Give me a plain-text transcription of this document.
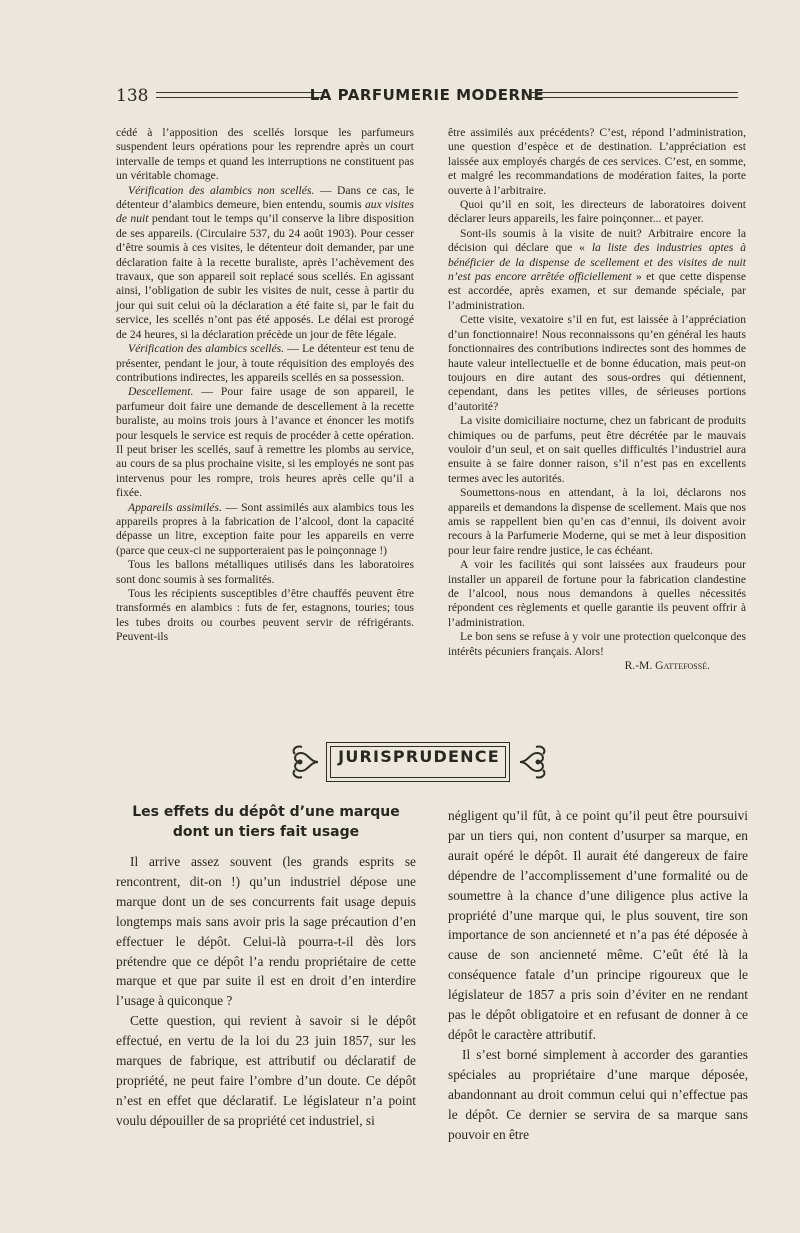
138	LA PARFUMERIE MODERNE

cédé à l’apposition des scellés lorsque les parfumeurs suspendent leurs opérations pour les reprendre après un court intervalle de temps et quand les interruptions ne constituent pas un véritable chomage.

Vérification des alambics non scellés. — Dans ce cas, le détenteur d’alambics demeure, bien entendu, soumis aux visites de nuit pendant tout le temps qu’il conserve la libre disposition de ses appareils. (Circulaire 537, du 24 août 1903). Pour cesser d’être soumis à ces visites, le détenteur doit demander, par une déclaration faite à la recette buraliste, après l’achèvement des travaux, que son appareil soit replacé sous scellés. En agissant ainsi, l’obligation de subir les visites de nuit, cesse à partir du jour qui suit celui où la déclaration a été faite si, par le fait du service, les scellés n’ont pas été apposés. Le délai est prorogé de 24 heures, si la déclaration précède un jour de fête légale.

Vérification des alambics scellés. — Le détenteur est tenu de présenter, pendant le jour, à toute réquisition des employés des contributions indirectes, les appareils scellés en sa possession.

Descellement. — Pour faire usage de son appareil, le parfumeur doit faire une demande de descellement à la recette buraliste, au moins trois jours à l’avance et énoncer les motifs pour lesquels le service est requis de procéder à cette opération. Il peut briser les scellés, sauf à remettre les plombs au service, au cours de sa plus prochaine visite, si les employés ne sont pas intervenus pour les rompre, trois heures après celle qu’il a fixée.

Appareils assimilés. — Sont assimilés aux alambics tous les appareils propres à la fabrication de l’alcool, dont la capacité dépasse un litre, exception faite pour les appareils en verre (parce que ceux-ci ne supporteraient pas le poinçonnage !)

Tous les ballons métalliques utilisés dans les laboratoires sont donc soumis à ses formalités.

Tous les récipients susceptibles d’être chauffés peuvent être transformés en alambics : futs de fer, estagnons, touries; tous les tubes droits ou courbes peuvent servir de réfrigérants. Peuvent-ils

être assimilés aux précédents? C’est, répond l’administration, une question d’espèce et de destination. L’appréciation est laissée aux employés chargés de ces services. C’est, en somme, et malgré les recommandations de modération faites, la porte ouverte à l’arbitraire.

Quoi qu’il en soit, les directeurs de laboratoires doivent déclarer leurs appareils, les faire poinçonner... et payer.

Sont-ils soumis à la visite de nuit? Arbitraire encore la décision qui déclare que « la liste des industries aptes à bénéficier de la dispense de scellement et des visites de nuit n’est pas encore arrêtée officiellement » et que cette dispense est accordée, après examen, et sur demande spéciale, par l’administration.

Cette visite, vexatoire s’il en fut, est laissée à l’appréciation d’un fonctionnaire! Nous reconnaissons qu’en général les hauts fonctionnaires des contributions indirectes sont des hommes de haute valeur intellectuelle et de bonne éducation, mais peut-on toujours en dire autant des sous-ordres qui détiennent, cependant, dans les petites villes, de sérieuses portions d’autorité?

La visite domiciliaire nocturne, chez un fabricant de produits chimiques ou de parfums, peut être décrétée par le mauvais vouloir d’un seul, et on sait quelles difficultés l’industriel aura ensuite à se faire donner raison, s’il n’est pas en excellents termes avec les autorités.

Soumettons-nous en attendant, à la loi, déclarons nos appareils et demandons la dispense de scellement. Mais que nos amis se rappellent bien qu’en cas d’ennui, ils doivent avoir recours à la Parfumerie Moderne, qui se met à leur disposition pour leur faire rendre justice, le cas échéant.

A voir les facilités qui sont laissées aux fraudeurs pour installer un appareil de fortune pour la fabrication clandestine de l’alcool, nous nous demandons à quelles nécessités répondent ces règlements et quelle garantie ils peuvent offrir à l’administration.

Le bon sens se refuse à y voir une protection quelconque des intérêts pécuniers français. Alors!

R.-M. Gattefossé.

JURISPRUDENCE
Les effets du dépôt d’une marque
dont un tiers fait usage

Il arrive assez souvent (les grands esprits se rencontrent, dit-on !) qu’un industriel dépose une marque dont un de ses concurrents fait usage depuis longtemps mais sans avoir pris la sage précaution d’en effectuer le dépôt. Celui-là pourra-t-il dès lors prétendre que ce dépôt l’a rendu propriétaire de cette marque et que par suite il est en droit d’en interdire l’usage à quiconque ?

Cette question, qui revient à savoir si le dépôt effectué, en vertu de la loi du 23 juin 1857, sur les marques de fabrique, est attributif ou déclaratif de propriété, ne peut faire l’ombre d’un doute. Ce dépôt n’est en effet que déclaratif. Le législateur n’a point voulu dépouiller de sa propriété cet industriel, si

négligent qu’il fût, à ce point qu’il peut être poursuivi par un tiers qui, non content d’usurper sa marque, en aurait opéré le dépôt. Il aurait été dangereux de faire dépendre de l’accomplissement d’une formalité ou de soumettre à la chance d’une diligence plus active la propriété d’une marque qui, le plus souvent, tire son importance de son ancienneté et n’a pas été déposée à cause de son ancienneté même. C’eût été là la conséquence fatale d’un principe rigoureux que le législateur de 1857 a pris soin d’éviter en ne rendant pas le dépôt obligatoire et en refusant de donner à ce dépôt le caractère attributif.

Il s’est borné simplement à accorder des garanties spéciales au propriétaire d’une marque déposée, abandonnant au droit commun celui qui n’effectue pas le dépôt. Ce dernier se servira de sa marque sans pouvoir en être
